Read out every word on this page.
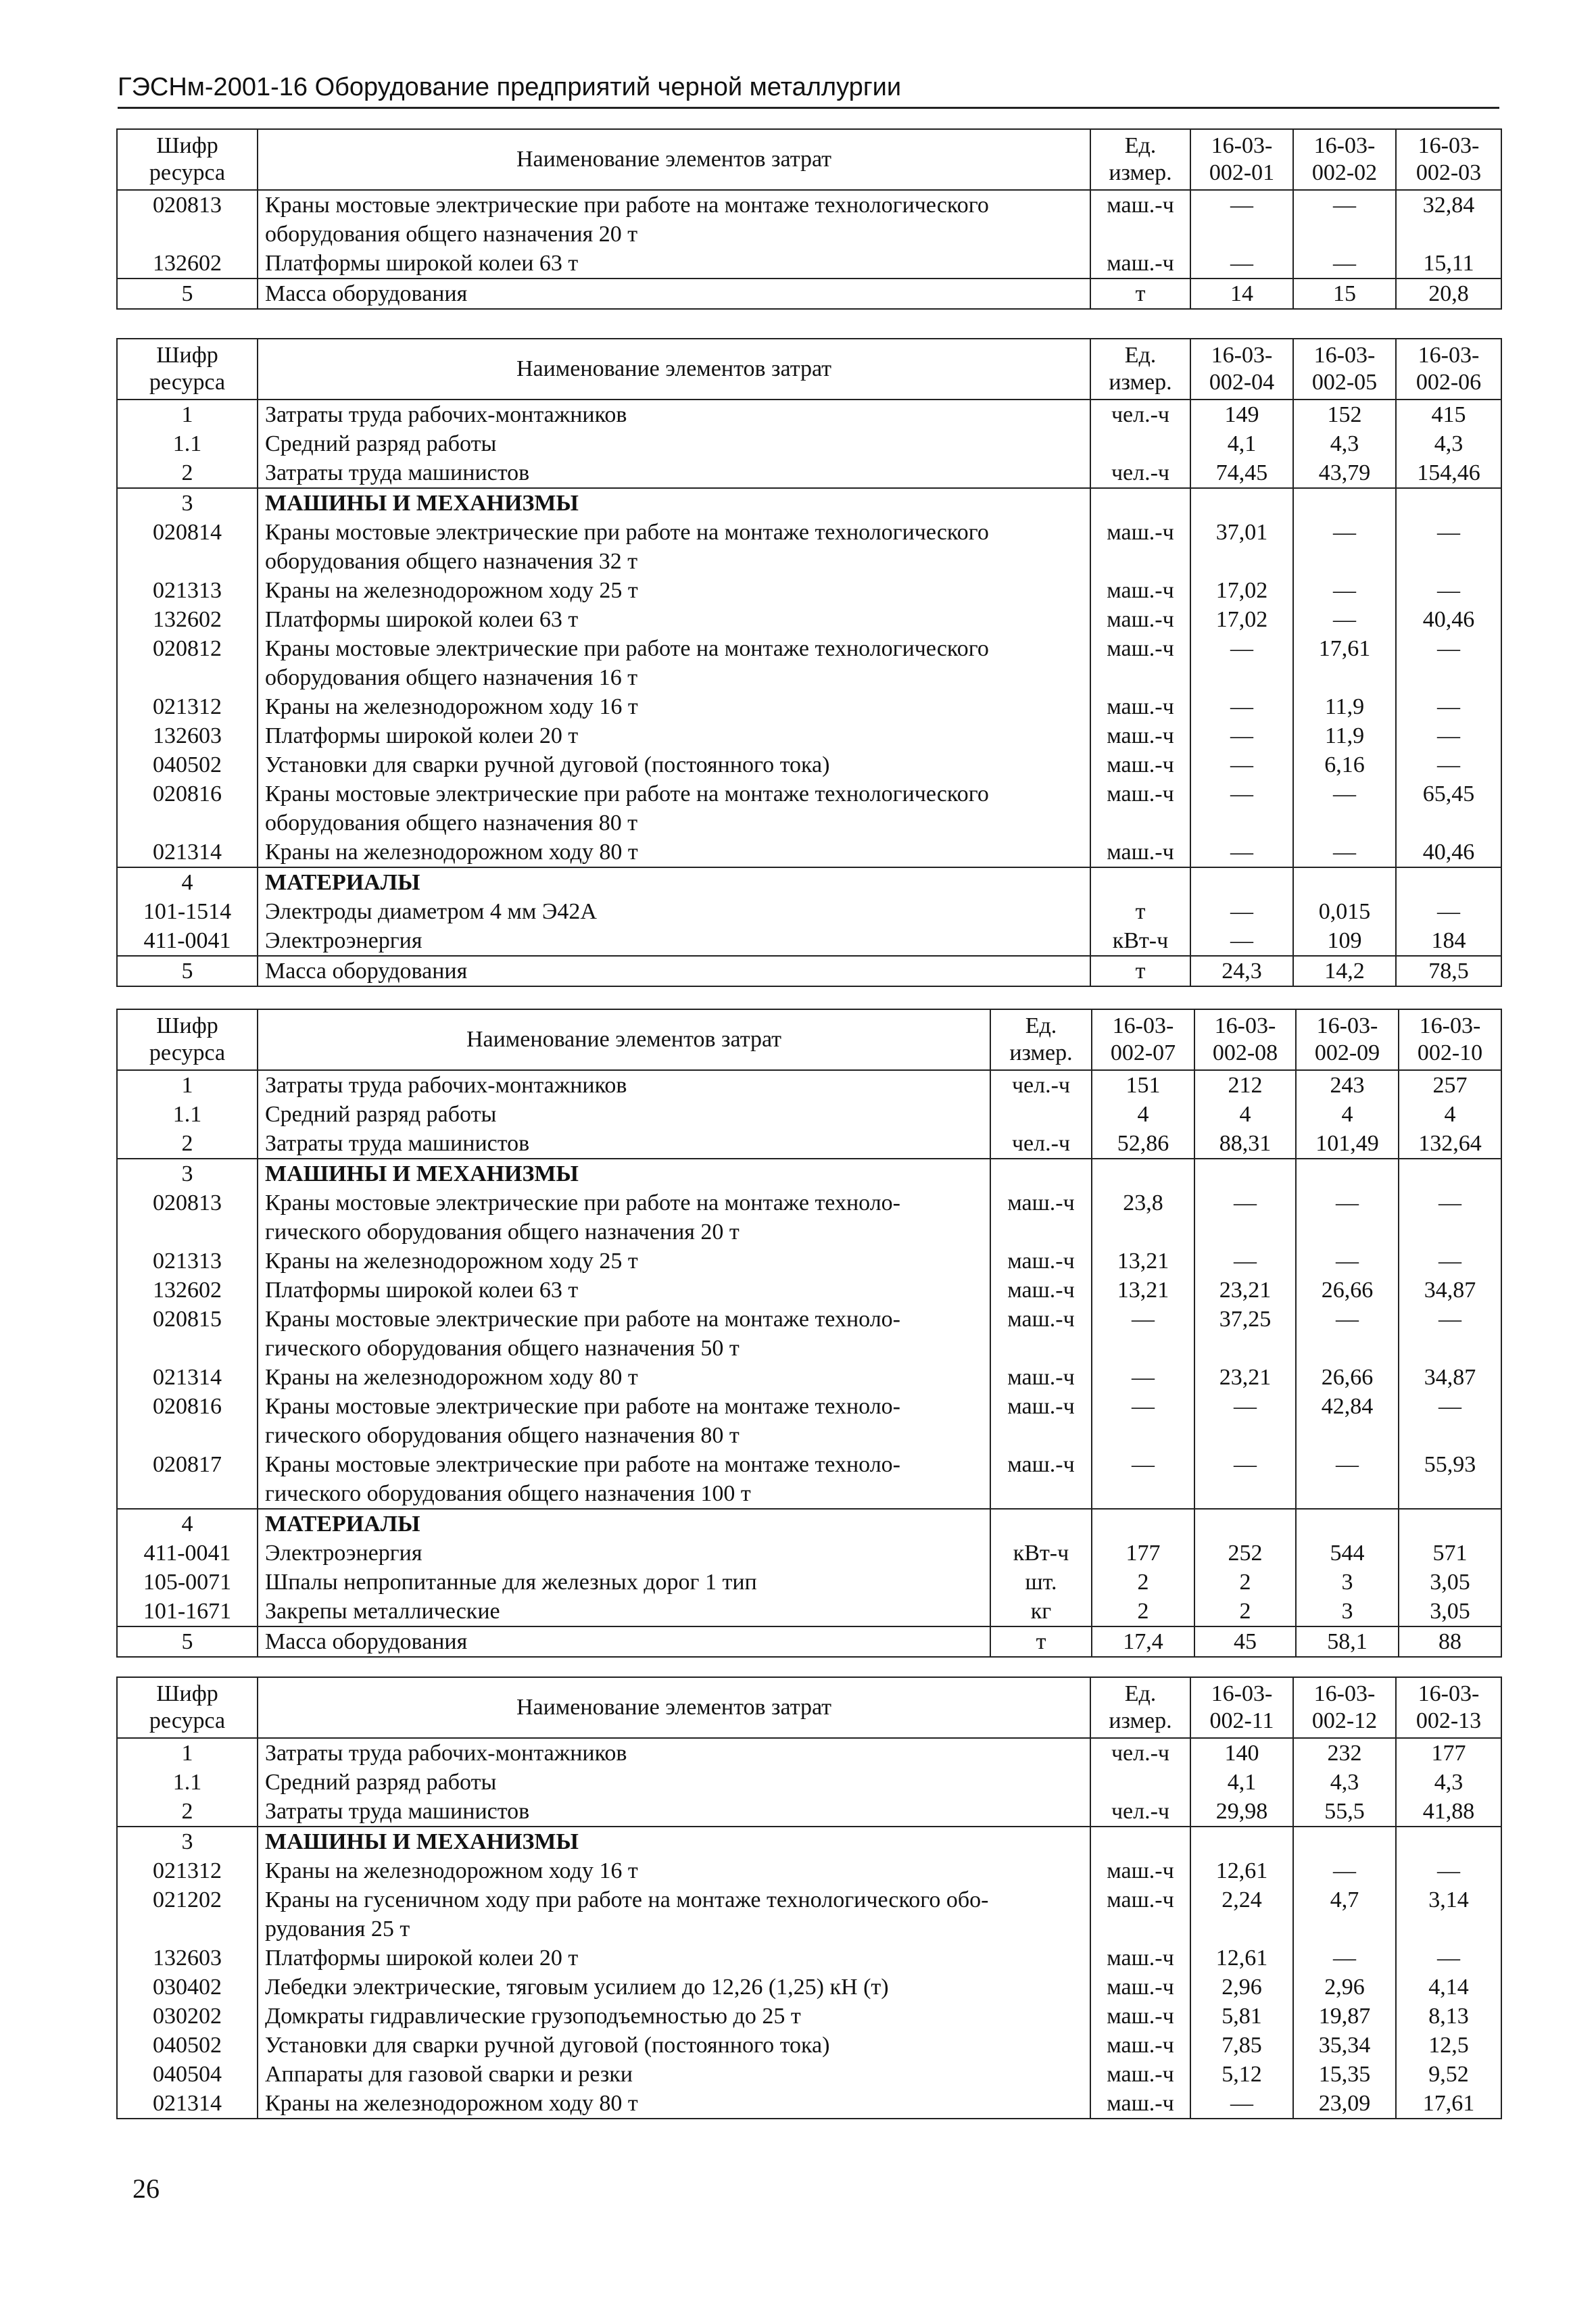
ГЭСНм-2001-16 Оборудование предприятий черной металлургии
Шифр ресурса	Наименование элементов затрат	Ед. измер.	16-03-002-01	16-03-002-02	16-03-002-03
020813	Краны мостовые электрические при работе на монтаже технологического оборудования общего назначения 20 т	маш.-ч	—	—	32,84
132602	Платформы широкой колеи 63 т	маш.-ч	—	—	15,11
5	Масса оборудования	т	14	15	20,8
Шифр ресурса	Наименование элементов затрат	Ед. измер.	16-03-002-04	16-03-002-05	16-03-002-06
1	Затраты труда рабочих-монтажников	чел.-ч	149	152	415
1.1	Средний разряд работы		4,1	4,3	4,3
2	Затраты труда машинистов	чел.-ч	74,45	43,79	154,46
3	МАШИНЫ И МЕХАНИЗМЫ				
020814	Краны мостовые электрические при работе на монтаже технологического оборудования общего назначения 32 т	маш.-ч	37,01	—	—
021313	Краны на железнодорожном ходу 25 т	маш.-ч	17,02	—	—
132602	Платформы широкой колеи 63 т	маш.-ч	17,02	—	40,46
020812	Краны мостовые электрические при работе на монтаже технологического оборудования общего назначения 16 т	маш.-ч	—	17,61	—
021312	Краны на железнодорожном ходу 16 т	маш.-ч	—	11,9	—
132603	Платформы широкой колеи 20 т	маш.-ч	—	11,9	—
040502	Установки для сварки ручной дуговой (постоянного тока)	маш.-ч	—	6,16	—
020816	Краны мостовые электрические при работе на монтаже технологического оборудования общего назначения 80 т	маш.-ч	—	—	65,45
021314	Краны на железнодорожном ходу 80 т	маш.-ч	—	—	40,46
4	МАТЕРИАЛЫ				
101-1514	Электроды диаметром 4 мм Э42А	т	—	0,015	—
411-0041	Электроэнергия	кВт-ч	—	109	184
5	Масса оборудования	т	24,3	14,2	78,5
Шифр ресурса	Наименование элементов затрат	Ед. измер.	16-03-002-07	16-03-002-08	16-03-002-09	16-03-002-10
1	Затраты труда рабочих-монтажников	чел.-ч	151	212	243	257
1.1	Средний разряд работы		4	4	4	4
2	Затраты труда машинистов	чел.-ч	52,86	88,31	101,49	132,64
3	МАШИНЫ И МЕХАНИЗМЫ					
020813	Краны мостовые электрические при работе на монтаже техноло-гического оборудования общего назначения 20 т	маш.-ч	23,8	—	—	—
021313	Краны на железнодорожном ходу 25 т	маш.-ч	13,21	—	—	—
132602	Платформы широкой колеи 63 т	маш.-ч	13,21	23,21	26,66	34,87
020815	Краны мостовые электрические при работе на монтаже техноло-гического оборудования общего назначения 50 т	маш.-ч	—	37,25	—	—
021314	Краны на железнодорожном ходу 80 т	маш.-ч	—	23,21	26,66	34,87
020816	Краны мостовые электрические при работе на монтаже техноло-гического оборудования общего назначения 80 т	маш.-ч	—	—	42,84	—
020817	Краны мостовые электрические при работе на монтаже техноло-гического оборудования общего назначения 100 т	маш.-ч	—	—	—	55,93
4	МАТЕРИАЛЫ					
411-0041	Электроэнергия	кВт-ч	177	252	544	571
105-0071	Шпалы непропитанные для железных дорог 1 тип	шт.	2	2	3	3,05
101-1671	Закрепы металлические	кг	2	2	3	3,05
5	Масса оборудования	т	17,4	45	58,1	88
Шифр ресурса	Наименование элементов затрат	Ед. измер.	16-03-002-11	16-03-002-12	16-03-002-13
1	Затраты труда рабочих-монтажников	чел.-ч	140	232	177
1.1	Средний разряд работы		4,1	4,3	4,3
2	Затраты труда машинистов	чел.-ч	29,98	55,5	41,88
3	МАШИНЫ И МЕХАНИЗМЫ				
021312	Краны на железнодорожном ходу 16 т	маш.-ч	12,61	—	—
021202	Краны на гусеничном ходу при работе на монтаже технологического обо-рудования 25 т	маш.-ч	2,24	4,7	3,14
132603	Платформы широкой колеи 20 т	маш.-ч	12,61	—	—
030402	Лебедки электрические, тяговым усилием до 12,26 (1,25) кН (т)	маш.-ч	2,96	2,96	4,14
030202	Домкраты гидравлические грузоподъемностью до 25 т	маш.-ч	5,81	19,87	8,13
040502	Установки для сварки ручной дуговой (постоянного тока)	маш.-ч	7,85	35,34	12,5
040504	Аппараты для газовой сварки и резки	маш.-ч	5,12	15,35	9,52
021314	Краны на железнодорожном ходу 80 т	маш.-ч	—	23,09	17,61
26
